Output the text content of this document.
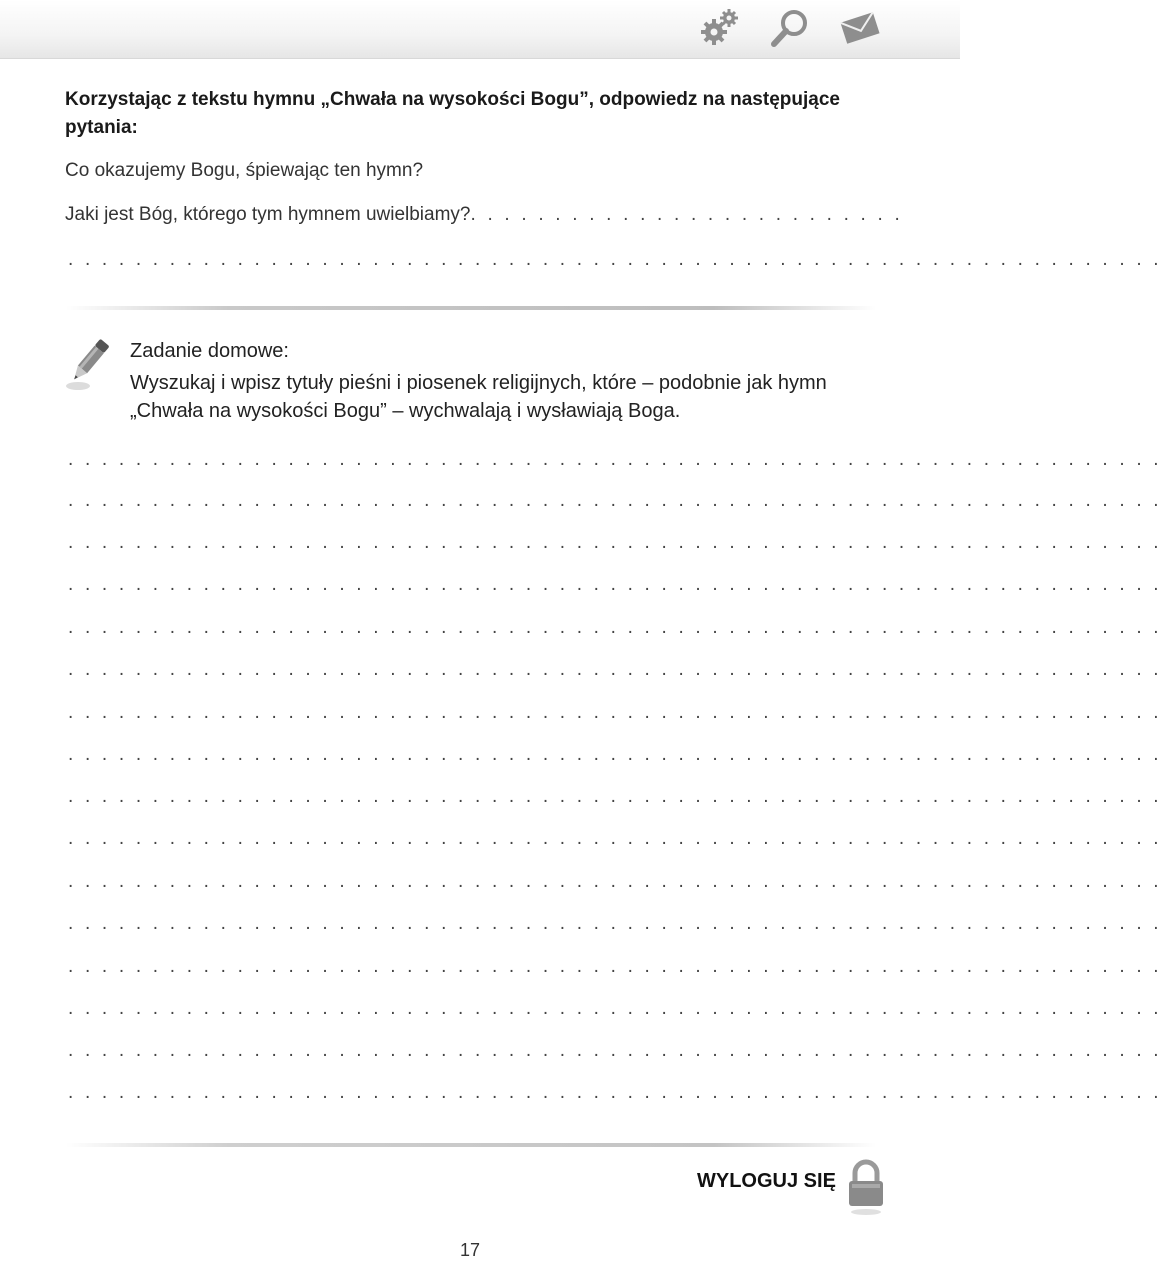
Korzystając z tekstu hymnu „Chwała na wysokości Bogu”, odpowiedz na następujące pytania:
Co okazujemy Bogu, śpiewając ten hymn?
Jaki jest Bóg, którego tym hymnem uwielbiamy?. . . . . . . . . . . . . . . . . . . . . . . . . .
. . . . . . . . . . . . . . . . . . . . . . . . . . . . . . . . . . . . . . . . . . . . . . . . . . . . . . . . . . . . . . . . .
Zadanie domowe:
Wyszukaj i wpisz tytuły pieśni i piosenek religijnych, które – podobnie jak hymn „Chwała na wysokości Bogu” – wychwalają i wysławiają Boga.
. . . . . . . . . . . . . . . . . . . . . . . . . . . . . . . . . . . . . . . . . . . . . . . . . . . . . . . . . . . . . . . . .
. . . . . . . . . . . . . . . . . . . . . . . . . . . . . . . . . . . . . . . . . . . . . . . . . . . . . . . . . . . . . . . . .
. . . . . . . . . . . . . . . . . . . . . . . . . . . . . . . . . . . . . . . . . . . . . . . . . . . . . . . . . . . . . . . . .
. . . . . . . . . . . . . . . . . . . . . . . . . . . . . . . . . . . . . . . . . . . . . . . . . . . . . . . . . . . . . . . . .
. . . . . . . . . . . . . . . . . . . . . . . . . . . . . . . . . . . . . . . . . . . . . . . . . . . . . . . . . . . . . . . . .
. . . . . . . . . . . . . . . . . . . . . . . . . . . . . . . . . . . . . . . . . . . . . . . . . . . . . . . . . . . . . . . . .
. . . . . . . . . . . . . . . . . . . . . . . . . . . . . . . . . . . . . . . . . . . . . . . . . . . . . . . . . . . . . . . . .
. . . . . . . . . . . . . . . . . . . . . . . . . . . . . . . . . . . . . . . . . . . . . . . . . . . . . . . . . . . . . . . . .
. . . . . . . . . . . . . . . . . . . . . . . . . . . . . . . . . . . . . . . . . . . . . . . . . . . . . . . . . . . . . . . . .
. . . . . . . . . . . . . . . . . . . . . . . . . . . . . . . . . . . . . . . . . . . . . . . . . . . . . . . . . . . . . . . . .
. . . . . . . . . . . . . . . . . . . . . . . . . . . . . . . . . . . . . . . . . . . . . . . . . . . . . . . . . . . . . . . . .
. . . . . . . . . . . . . . . . . . . . . . . . . . . . . . . . . . . . . . . . . . . . . . . . . . . . . . . . . . . . . . . . .
. . . . . . . . . . . . . . . . . . . . . . . . . . . . . . . . . . . . . . . . . . . . . . . . . . . . . . . . . . . . . . . . .
. . . . . . . . . . . . . . . . . . . . . . . . . . . . . . . . . . . . . . . . . . . . . . . . . . . . . . . . . . . . . . . . .
. . . . . . . . . . . . . . . . . . . . . . . . . . . . . . . . . . . . . . . . . . . . . . . . . . . . . . . . . . . . . . . . .
. . . . . . . . . . . . . . . . . . . . . . . . . . . . . . . . . . . . . . . . . . . . . . . . . . . . . . . . . . . . . . . . .
WYLOGUJ SIĘ
17
